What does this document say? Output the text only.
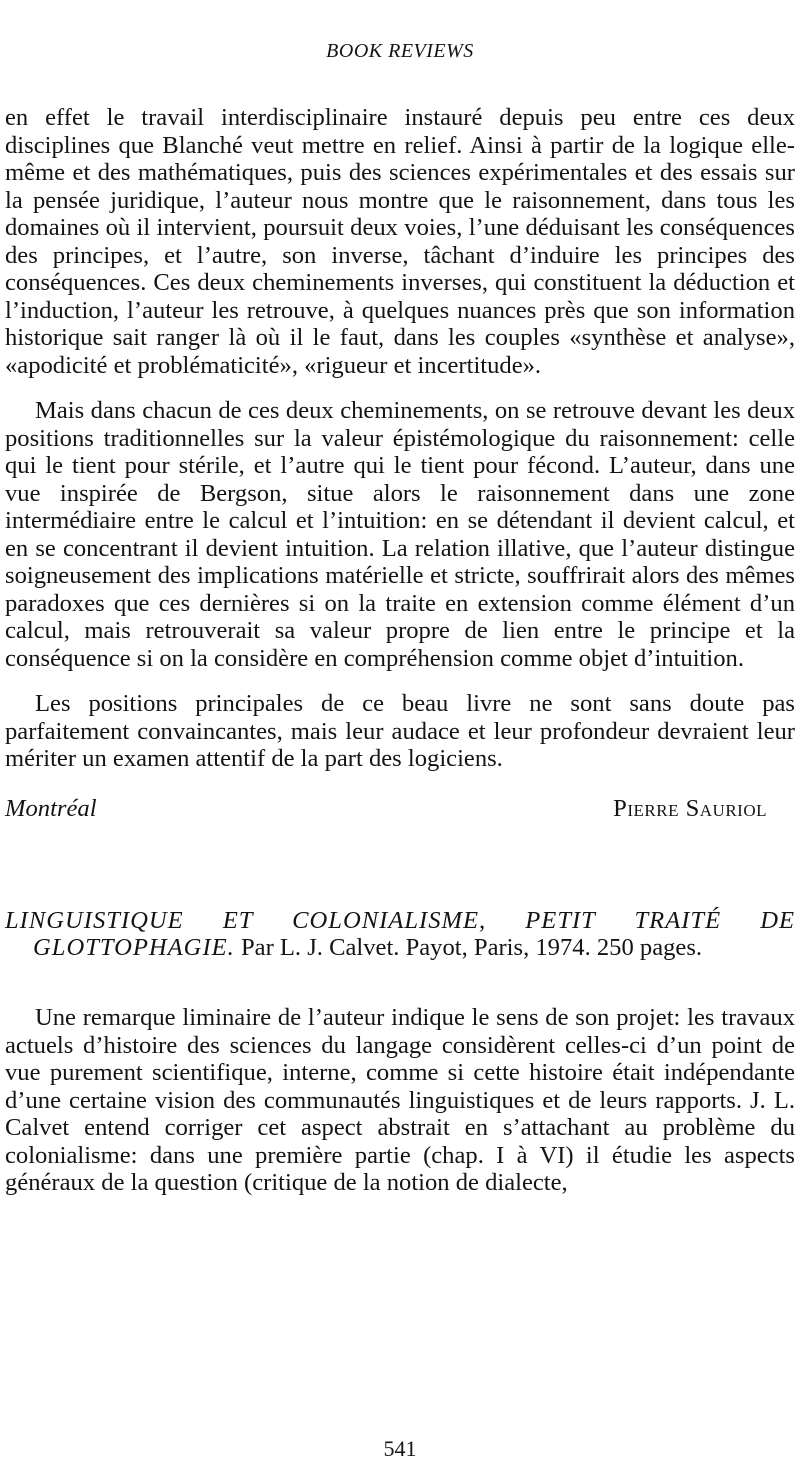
BOOK REVIEWS

en effet le travail interdisciplinaire instauré depuis peu entre ces deux disciplines que Blanché veut mettre en relief. Ainsi à partir de la logique elle-même et des mathématiques, puis des sciences expérimentales et des essais sur la pensée juridique, l’auteur nous montre que le raisonnement, dans tous les domaines où il intervient, poursuit deux voies, l’une déduisant les conséquences des principes, et l’autre, son inverse, tâchant d’induire les principes des conséquences. Ces deux cheminements inverses, qui constituent la déduction et l’induction, l’auteur les retrouve, à quelques nuances près que son information historique sait ranger là où il le faut, dans les couples «synthèse et analyse», «apodicité et problématicité», «rigueur et incertitude».

Mais dans chacun de ces deux cheminements, on se retrouve devant les deux positions traditionnelles sur la valeur épistémologique du raisonnement: celle qui le tient pour stérile, et l’autre qui le tient pour fécond. L’auteur, dans une vue inspirée de Bergson, situe alors le raisonnement dans une zone intermédiaire entre le calcul et l’intuition: en se détendant il devient calcul, et en se concentrant il devient intuition. La relation illative, que l’auteur distingue soigneusement des implications matérielle et stricte, souffrirait alors des mêmes paradoxes que ces dernières si on la traite en extension comme élément d’un calcul, mais retrouverait sa valeur propre de lien entre le principe et la conséquence si on la considère en compréhension comme objet d’intuition.

Les positions principales de ce beau livre ne sont sans doute pas parfaitement convaincantes, mais leur audace et leur profondeur devraient leur mériter un examen attentif de la part des logiciens.

Montréal	Pierre Sauriol

LINGUISTIQUE ET COLONIALISME, PETIT TRAITÉ DE GLOTTOPHAGIE. Par L. J. Calvet. Payot, Paris, 1974. 250 pages.

Une remarque liminaire de l’auteur indique le sens de son projet: les travaux actuels d’histoire des sciences du langage considèrent celles-ci d’un point de vue purement scientifique, interne, comme si cette histoire était indépendante d’une certaine vision des communautés linguistiques et de leurs rapports. J. L. Calvet entend corriger cet aspect abstrait en s’attachant au problème du colonialisme: dans une première partie (chap. I à VI) il étudie les aspects généraux de la question (critique de la notion de dialecte,

541
